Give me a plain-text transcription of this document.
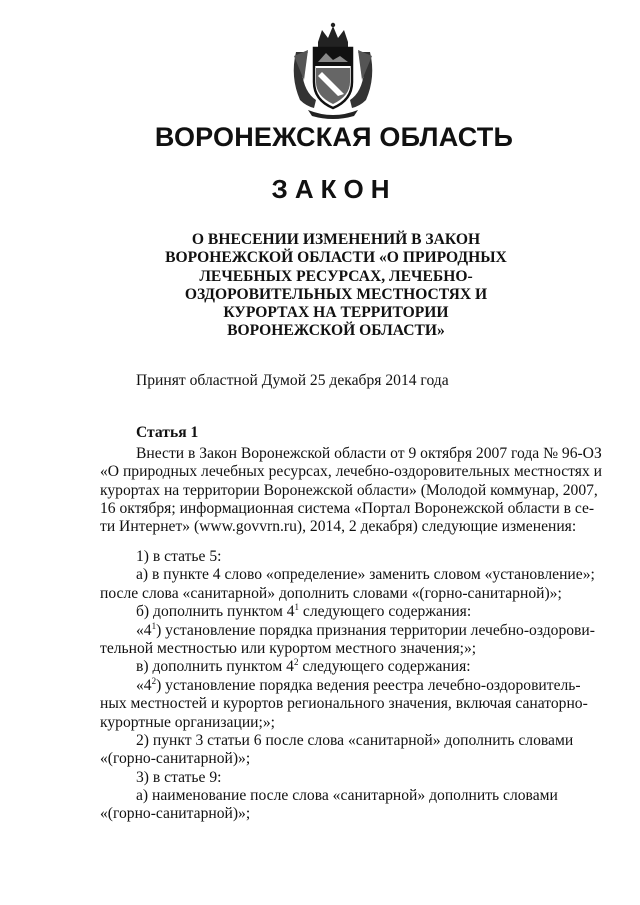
ВОРОНЕЖСКАЯ ОБЛАСТЬ
ЗАКОН
О ВНЕСЕНИИ ИЗМЕНЕНИЙ В ЗАКОН
ВОРОНЕЖСКОЙ ОБЛАСТИ «О ПРИРОДНЫХ
ЛЕЧЕБНЫХ РЕСУРСАХ, ЛЕЧЕБНО-
ОЗДОРОВИТЕЛЬНЫХ МЕСТНОСТЯХ И
КУРОРТАХ НА ТЕРРИТОРИИ
ВОРОНЕЖСКОЙ ОБЛАСТИ»
Принят областной Думой 25 декабря 2014 года
Статья 1
Внести в Закон Воронежской области от 9 октября 2007 года № 96-ОЗ
«О природных лечебных ресурсах, лечебно-оздоровительных местностях и
курортах на территории Воронежской области» (Молодой коммунар, 2007,
16 октября; информационная система «Портал Воронежской области в се-
ти Интернет» (www.govvrn.ru), 2014, 2 декабря) следующие изменения:
1) в статье 5:
а) в пункте 4 слово «определение» заменить словом «установление»;
после слова «санитарной» дополнить словами «(горно-санитарной)»;
б) дополнить пунктом $4^1$ следующего содержания:
«$4^1$) установление порядка признания территории лечебно-оздорови-
тельной местностью или курортом местного значения;»;
в) дополнить пунктом $4^2$ следующего содержания:
«$4^2$) установление порядка ведения реестра лечебно-оздоровитель-
ных местностей и курортов регионального значения, включая санаторно-
курортные организации;»;
2) пункт 3 статьи 6 после слова «санитарной» дополнить словами
«(горно-санитарной)»;
3) в статье 9:
а) наименование после слова «санитарной» дополнить словами
«(горно-санитарной)»;
